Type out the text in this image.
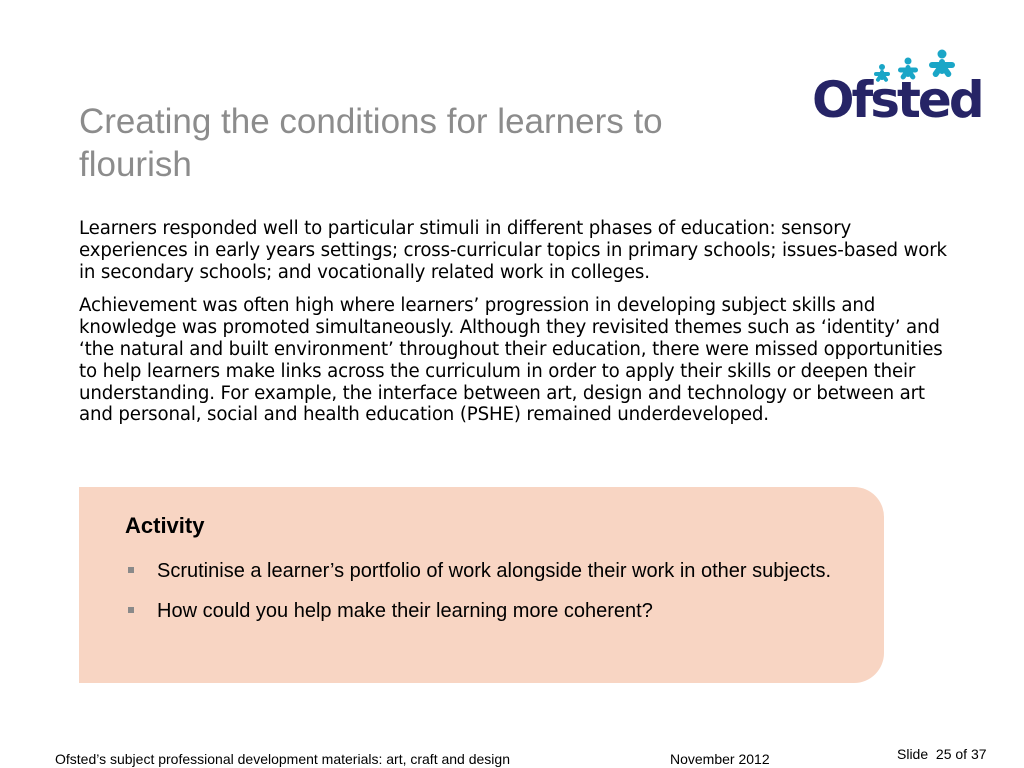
Creating the conditions for learners to flourish
Ofsted

Learners responded well to particular stimuli in different phases of education: sensory experiences in early years settings; cross-curricular topics in primary schools; issues-based work in secondary schools; and vocationally related work in colleges.

Achievement was often high where learners’ progression in developing subject skills and knowledge was promoted simultaneously. Although they revisited themes such as ‘identity’ and ‘the natural and built environment’ throughout their education, there were missed opportunities to help learners make links across the curriculum in order to apply their skills or deepen their understanding. For example, the interface between art, design and technology or between art and personal, social and health education (PSHE) remained underdeveloped.

Activity
Scrutinise a learner’s portfolio of work alongside their work in other subjects.
How could you help make their learning more coherent?
Ofsted’s subject professional development materials: art, craft and design	November 2012	Slide 25 of 37
